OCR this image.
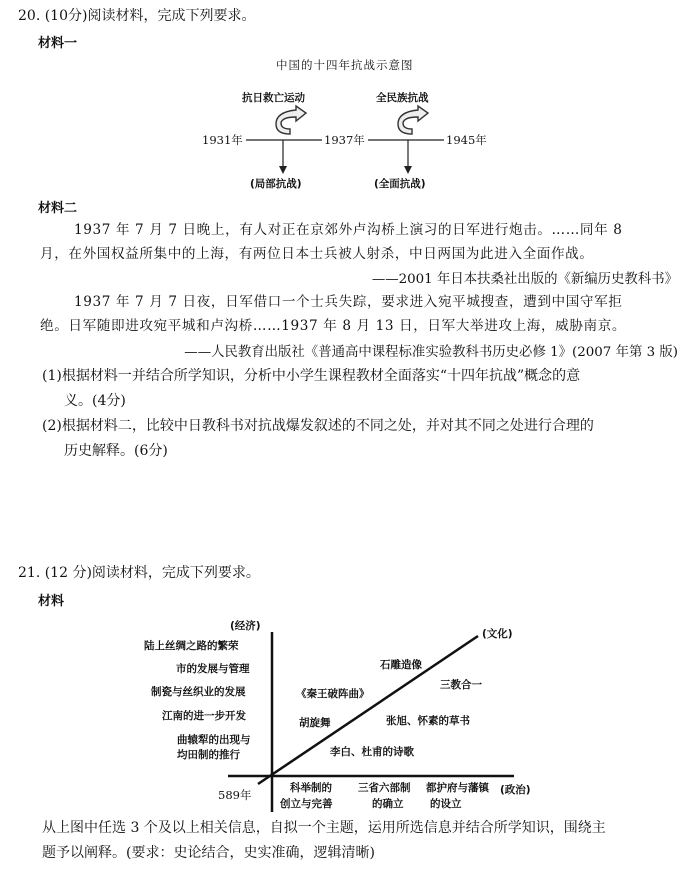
20. (10分)阅读材料，完成下列要求。
材料一
中国的十四年抗战示意图
抗日救亡运动	全民族抗战
1931年	1937年	1945年
(局部抗战)	(全面抗战)
材料二
1937 年 7 月 7 日晚上，有人对正在京郊外卢沟桥上演习的日军进行炮击。……同年 8
月，在外国权益所集中的上海，有两位日本士兵被人射杀，中日两国为此进入全面作战。
——2001 年日本扶桑社出版的《新编历史教科书》
1937 年 7 月 7 日夜，日军借口一个士兵失踪，要求进入宛平城搜查，遭到中国守军拒
绝。日军随即进攻宛平城和卢沟桥……1937 年 8 月 13 日，日军大举进攻上海，威胁南京。
——人民教育出版社《普通高中课程标准实验教科书历史必修 1》(2007 年第 3 版)
(1)根据材料一并结合所学知识，分析中小学生课程教材全面落实“十四年抗战”概念的意
义。(4分)
(2)根据材料二，比较中日教科书对抗战爆发叙述的不同之处，并对其不同之处进行合理的
历史解释。(6分)
21. (12 分)阅读材料，完成下列要求。
材料
(经济)
(文化)
(政治)
589年
陆上丝绸之路的繁荣
市的发展与管理
制瓷与丝织业的发展
江南的进一步开发
曲辕犁的出现与
均田制的推行
石雕造像
三教合一
《秦王破阵曲》
胡旋舞	张旭、怀素的草书
李白、杜甫的诗歌
科举制的
创立与完善
三省六部制
的确立
都护府与藩镇
的设立
从上图中任选 3 个及以上相关信息，自拟一个主题，运用所选信息并结合所学知识，围绕主
题予以阐释。(要求：史论结合，史实准确，逻辑清晰)
